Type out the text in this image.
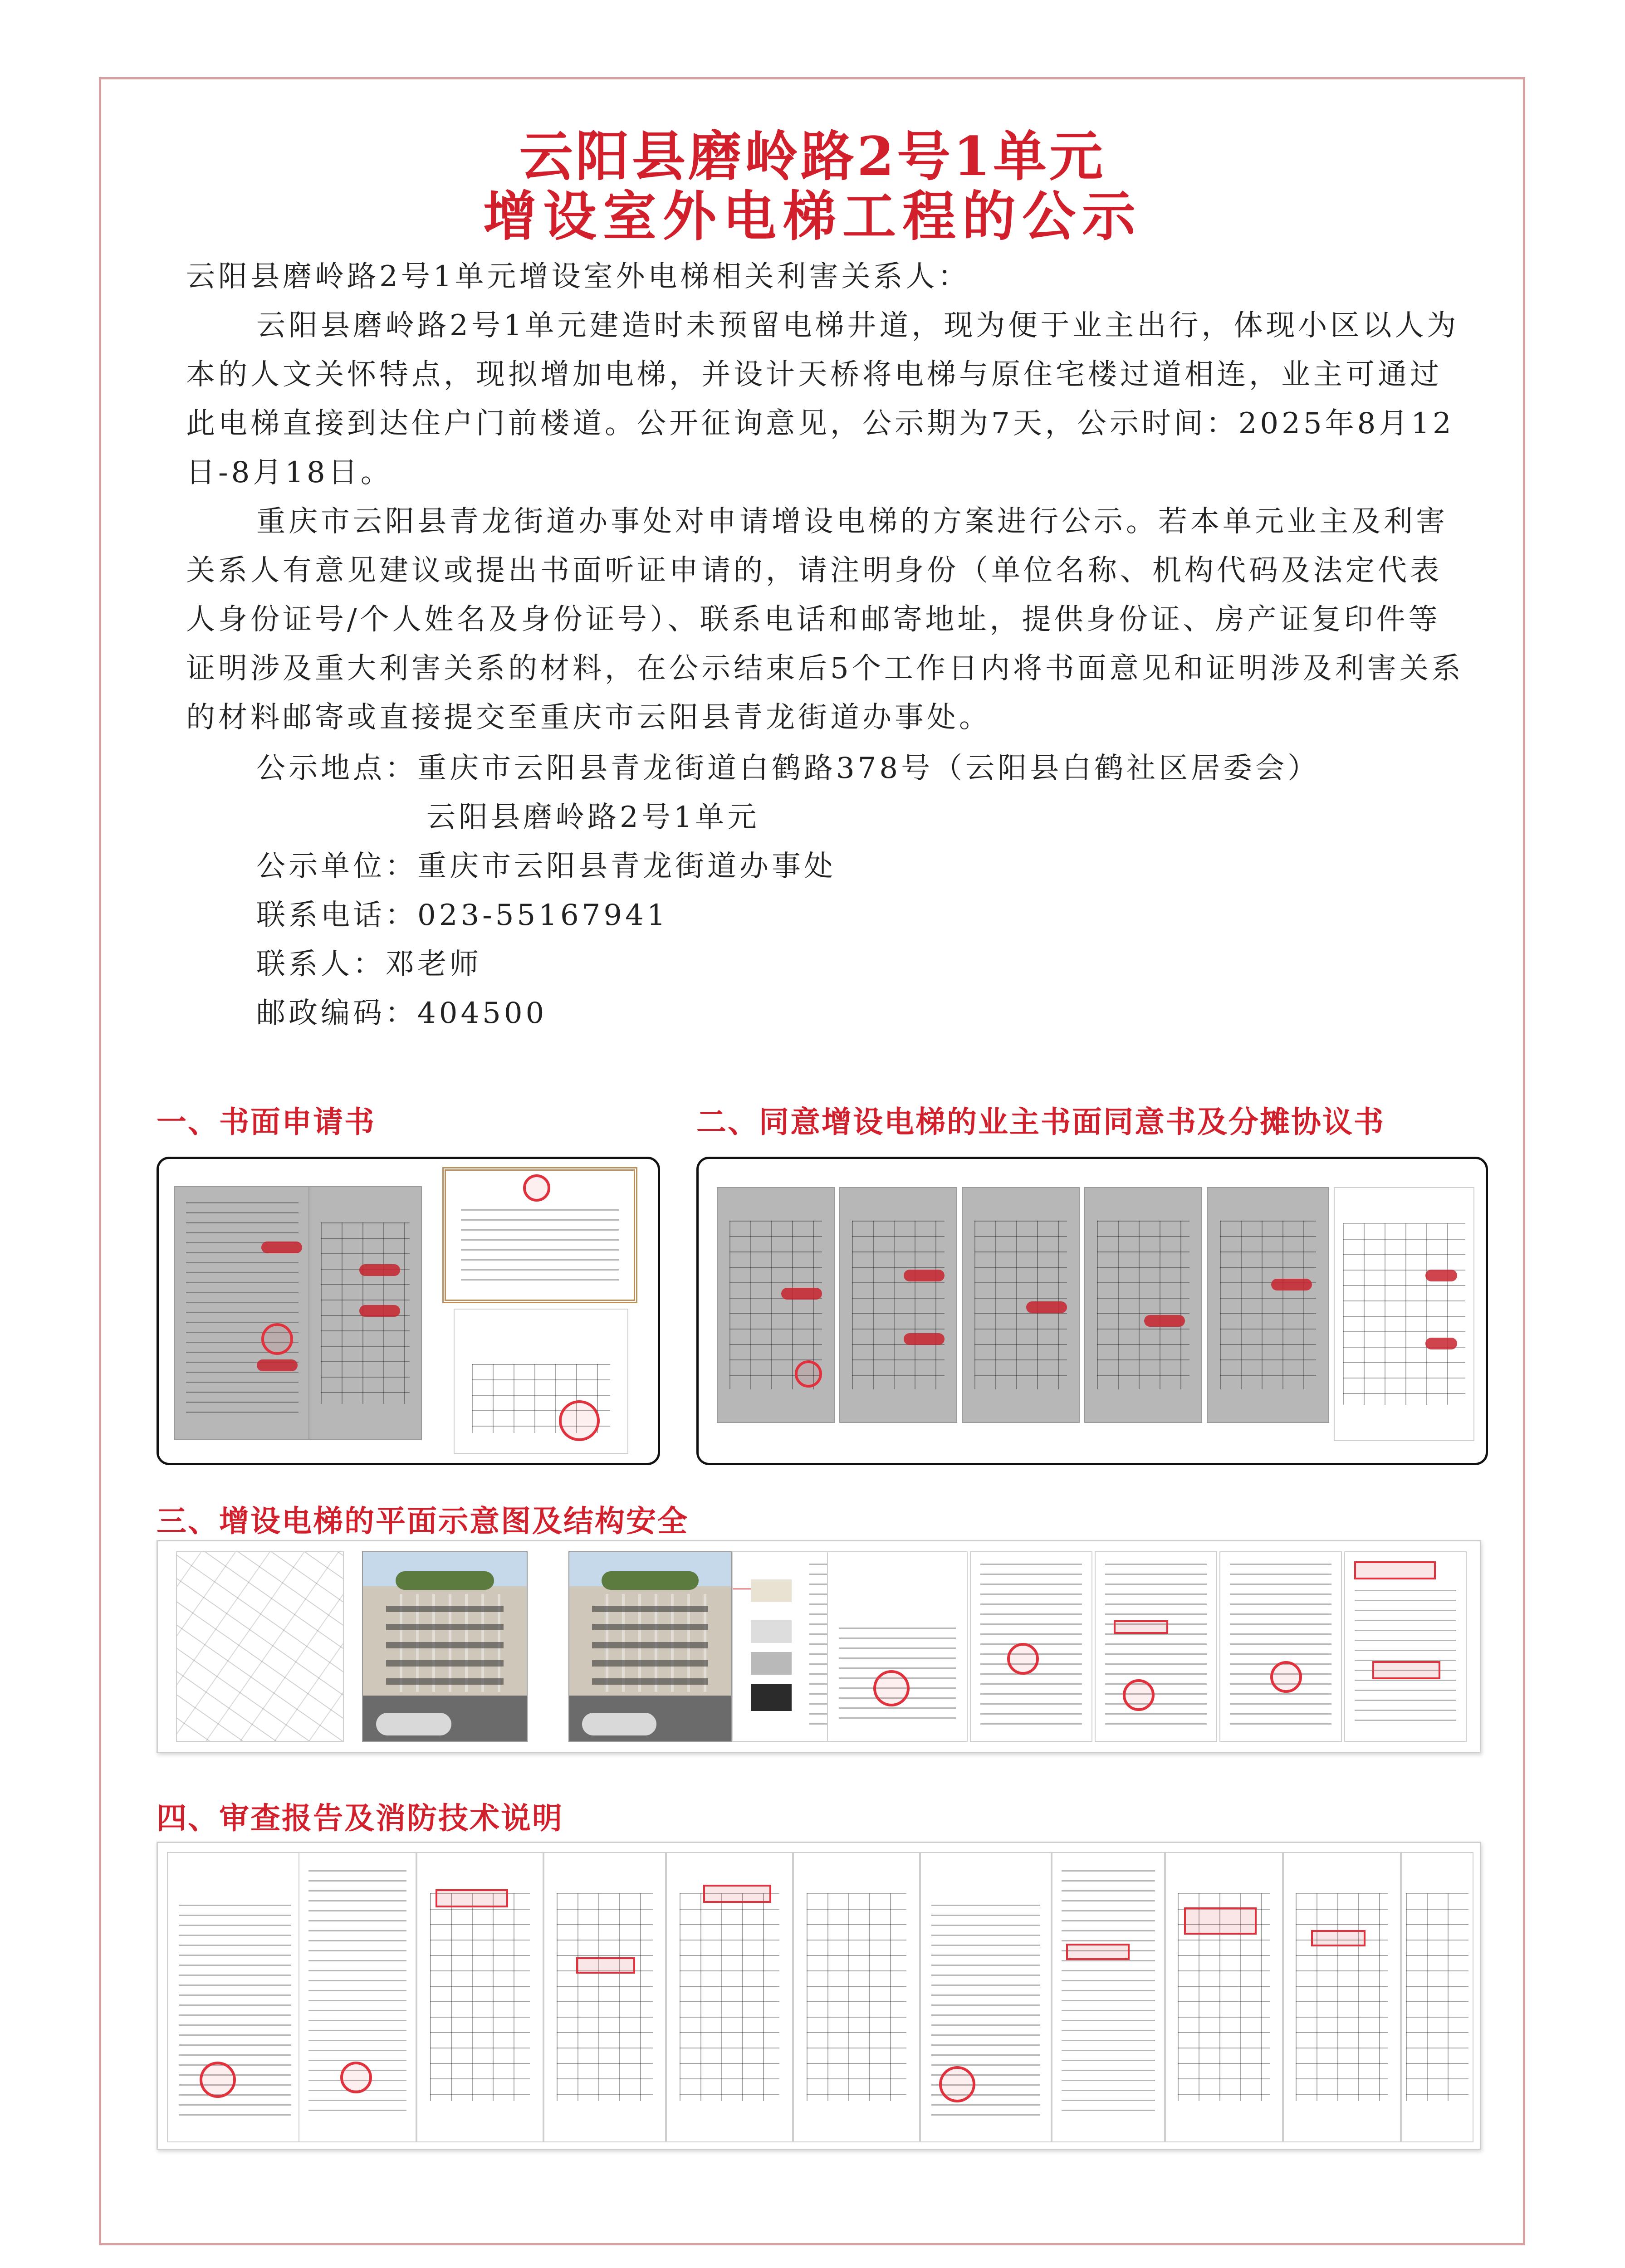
云阳县磨岭路2号1单元
增设室外电梯工程的公示

云阳县磨岭路2号1单元增设室外电梯相关利害关系人：

云阳县磨岭路2号1单元建造时未预留电梯井道，现为便于业主出行，体现小区以人为本的人文关怀特点，现拟增加电梯，并设计天桥将电梯与原住宅楼过道相连，业主可通过此电梯直接到达住户门前楼道。公开征询意见，公示期为7天，公示时间：2025年8月12日-8月18日。

重庆市云阳县青龙街道办事处对申请增设电梯的方案进行公示。若本单元业主及利害关系人有意见建议或提出书面听证申请的，请注明身份（单位名称、机构代码及法定代表人身份证号/个人姓名及身份证号）、联系电话和邮寄地址，提供身份证、房产证复印件等证明涉及重大利害关系的材料，在公示结束后5个工作日内将书面意见和证明涉及利害关系的材料邮寄或直接提交至重庆市云阳县青龙街道办事处。

公示地点：重庆市云阳县青龙街道白鹤路378号（云阳县白鹤社区居委会）
云阳县磨岭路2号1单元
公示单位：重庆市云阳县青龙街道办事处
联系电话：023-55167941
联系人：邓老师
邮政编码：404500
一、书面申请书	二、同意增设电梯的业主书面同意书及分摊协议书
三、增设电梯的平面示意图及结构安全
四、审查报告及消防技术说明
